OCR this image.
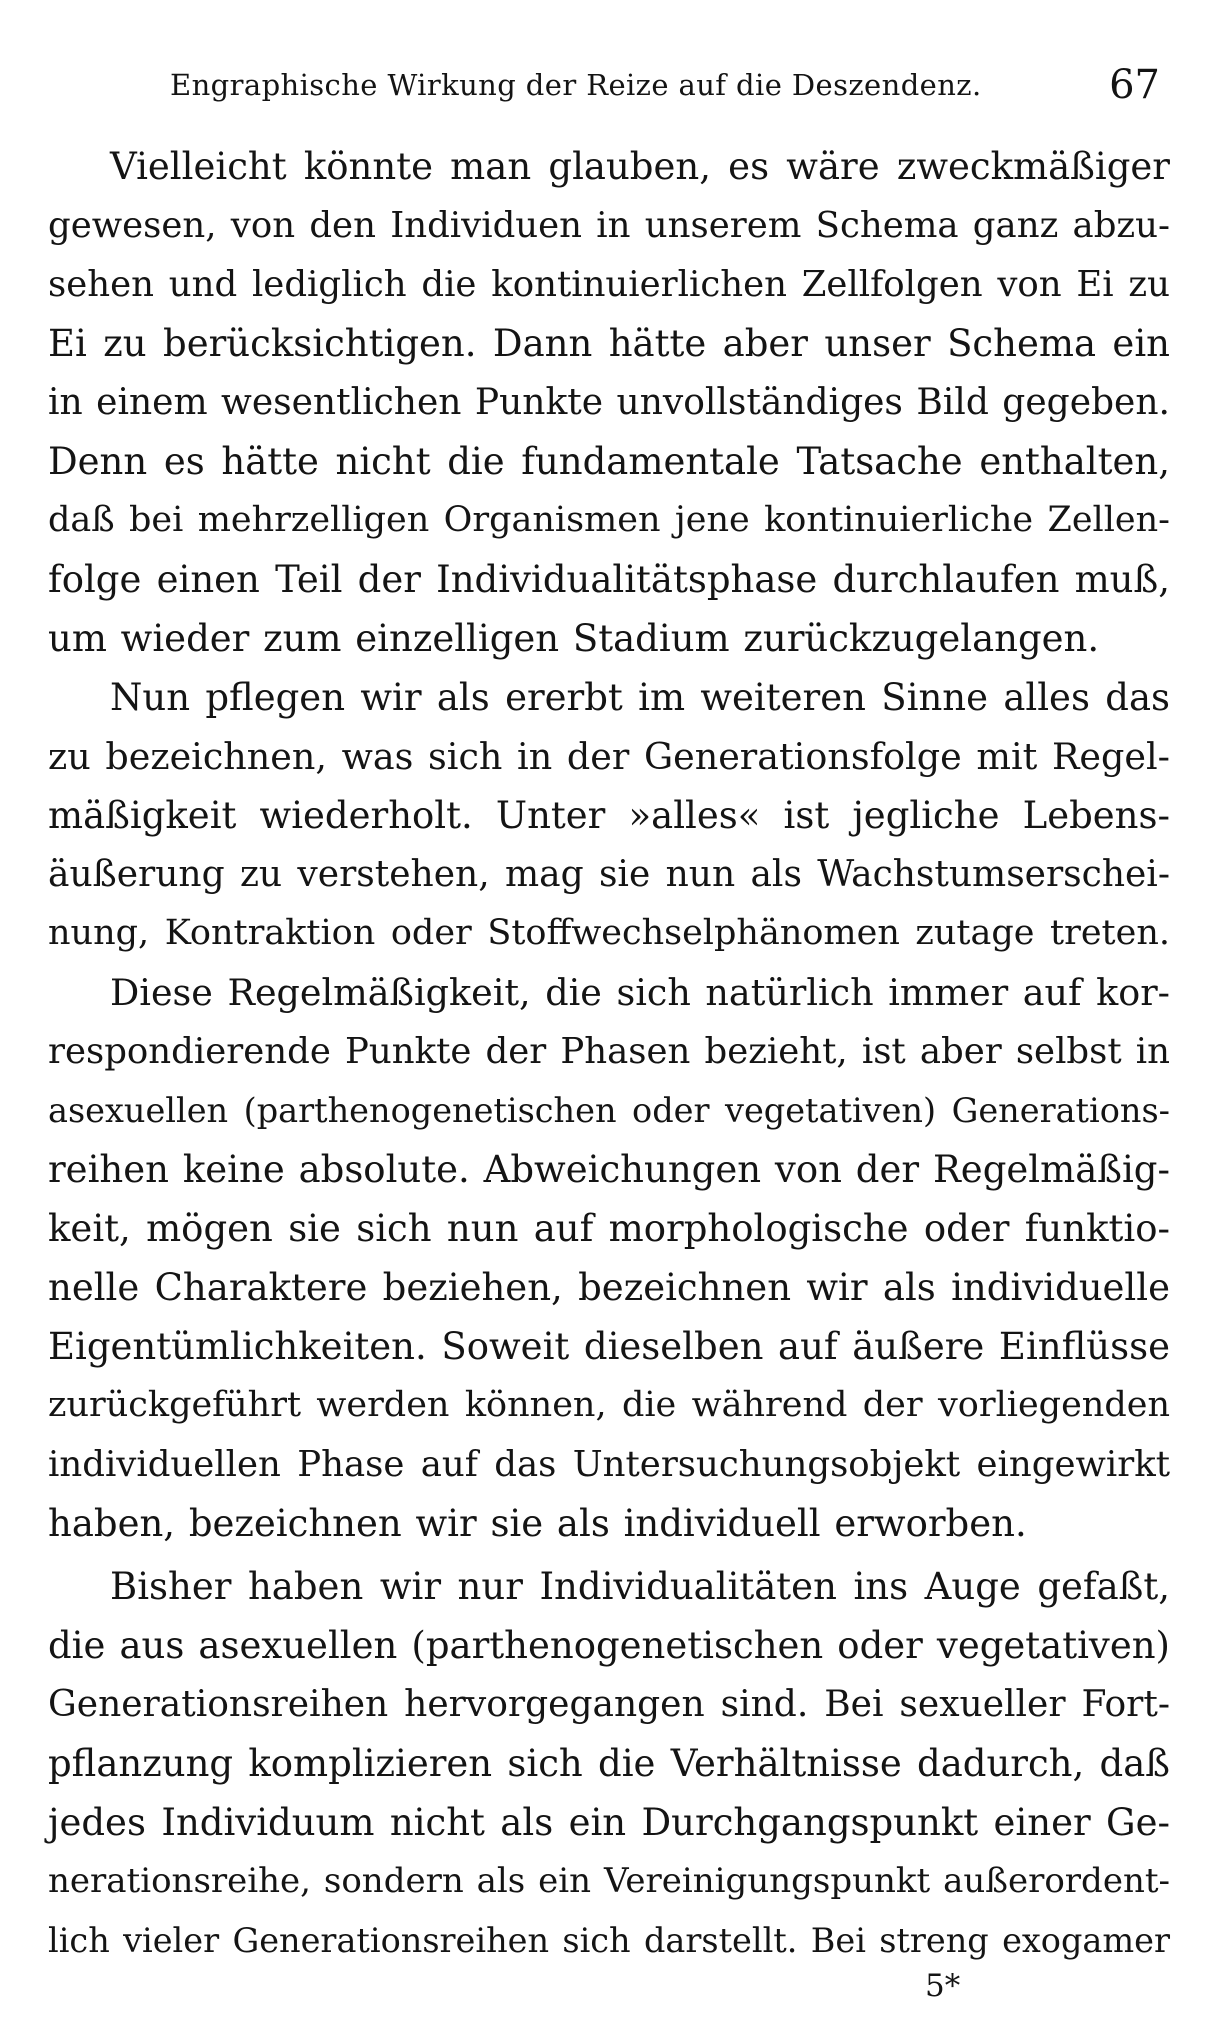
Engraphische Wirkung der Reize auf die Deszendenz.	67
Vielleicht könnte man glauben, es wäre zweckmäßiger
gewesen, von den Individuen in unserem Schema ganz abzu-
sehen und lediglich die kontinuierlichen Zellfolgen von Ei zu
Ei zu berücksichtigen. Dann hätte aber unser Schema ein
in einem wesentlichen Punkte unvollständiges Bild gegeben.
Denn es hätte nicht die fundamentale Tatsache enthalten,
daß bei mehrzelligen Organismen jene kontinuierliche Zellen-
folge einen Teil der Individualitätsphase durchlaufen muß,
um wieder zum einzelligen Stadium zurückzugelangen.
Nun pflegen wir als ererbt im weiteren Sinne alles das
zu bezeichnen, was sich in der Generationsfolge mit Regel-
mäßigkeit wiederholt. Unter »alles« ist jegliche Lebens-
äußerung zu verstehen, mag sie nun als Wachstumserschei-
nung, Kontraktion oder Stoffwechselphänomen zutage treten.
Diese Regelmäßigkeit, die sich natürlich immer auf kor-
respondierende Punkte der Phasen bezieht, ist aber selbst in
asexuellen (parthenogenetischen oder vegetativen) Generations-
reihen keine absolute. Abweichungen von der Regelmäßig-
keit, mögen sie sich nun auf morphologische oder funktio-
nelle Charaktere beziehen, bezeichnen wir als individuelle
Eigentümlichkeiten. Soweit dieselben auf äußere Einflüsse
zurückgeführt werden können, die während der vorliegenden
individuellen Phase auf das Untersuchungsobjekt eingewirkt
haben, bezeichnen wir sie als individuell erworben.
Bisher haben wir nur Individualitäten ins Auge gefaßt,
die aus asexuellen (parthenogenetischen oder vegetativen)
Generationsreihen hervorgegangen sind. Bei sexueller Fort-
pflanzung komplizieren sich die Verhältnisse dadurch, daß
jedes Individuum nicht als ein Durchgangspunkt einer Ge-
nerationsreihe, sondern als ein Vereinigungspunkt außerordent-
lich vieler Generationsreihen sich darstellt. Bei streng exogamer
5*
